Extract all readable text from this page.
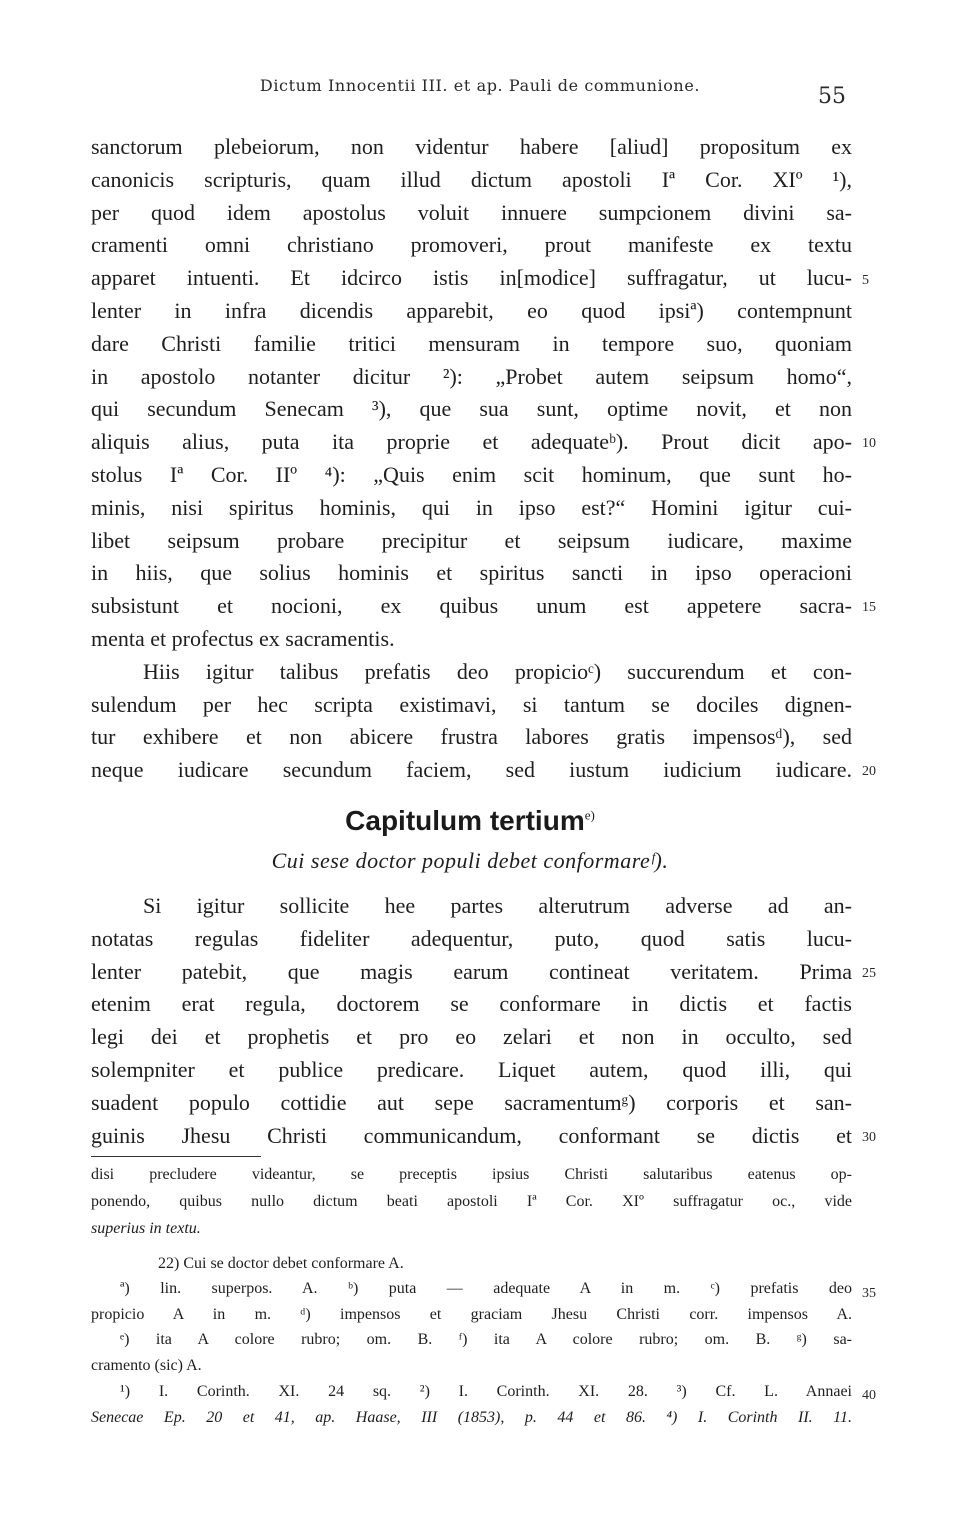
Dictum Innocentii III. et ap. Pauli de communione.	55
sanctorum plebeiorum, non videntur habere [aliud] propositum ex
canonicis scripturis, quam illud dictum apostoli Iª Cor. XIº ¹),
per quod idem apostolus voluit innuere sumpcionem divini sa-
cramenti omni christiano promoveri, prout manifeste ex textu
apparet intuenti. Et idcirco istis in[modice] suffragatur, ut lucu-
lenter in infra dicendis apparebit, eo quod ipsiª) contempnunt
dare Christi familie tritici mensuram in tempore suo, quoniam
in apostolo notanter dicitur ²): „Probet autem seipsum homo“,
qui secundum Senecam ³), que sua sunt, optime novit, et non
aliquis alius, puta ita proprie et adequateᵇ). Prout dicit apo-
stolus Iª Cor. IIº ⁴): „Quis enim scit hominum, que sunt ho-
minis, nisi spiritus hominis, qui in ipso est?“ Homini igitur cui-
libet seipsum probare precipitur et seipsum iudicare, maxime
in hiis, que solius hominis et spiritus sancti in ipso operacioni
subsistunt et nocioni, ex quibus unum est appetere sacra-
menta et profectus ex sacramentis.
Hiis igitur talibus prefatis deo propicioᶜ) succurendum et con-
sulendum per hec scripta existimavi, si tantum se dociles dignen-
tur exhibere et non abicere frustra labores gratis impensosᵈ), sed
neque iudicare secundum faciem, sed iustum iudicium iudicare.
Capitulum tertium$^{e)}$
Cui sese doctor populi debet conformareᶠ).
Si igitur sollicite hee partes alterutrum adverse ad an-
notatas regulas fideliter adequentur, puto, quod satis lucu-
lenter patebit, que magis earum contineat veritatem. Prima
etenim erat regula, doctorem se conformare in dictis et factis
legi dei et prophetis et pro eo zelari et non in occulto, sed
solempniter et publice predicare. Liquet autem, quod illi, qui
suadent populo cottidie aut sepe sacramentumᵍ) corporis et san-
guinis Jhesu Christi communicandum, conformant se dictis et
5
10
15
20
25
30
35
40
disi precludere videantur, se preceptis ipsius Christi salutaribus eatenus op-
ponendo, quibus nullo dictum beati apostoli Iª Cor. XIº suffragatur oc., vide
superius in textu.
22) Cui se doctor debet conformare A.
ª) lin. superpos. A. ᵇ) puta — adequate A in m. ᶜ) prefatis deo
propicio A in m. ᵈ) impensos et graciam Jhesu Christi corr. impensos A.
ᵉ) ita A colore rubro; om. B. ᶠ) ita A colore rubro; om. B. ᵍ) sa-
cramento (sic) A.
¹) I. Corinth. XI. 24 sq. ²) I. Corinth. XI. 28. ³) Cf. L. Annaei
Senecae Ep. 20 et 41, ap. Haase, III (1853), p. 44 et 86. ⁴) I. Corinth II. 11.
